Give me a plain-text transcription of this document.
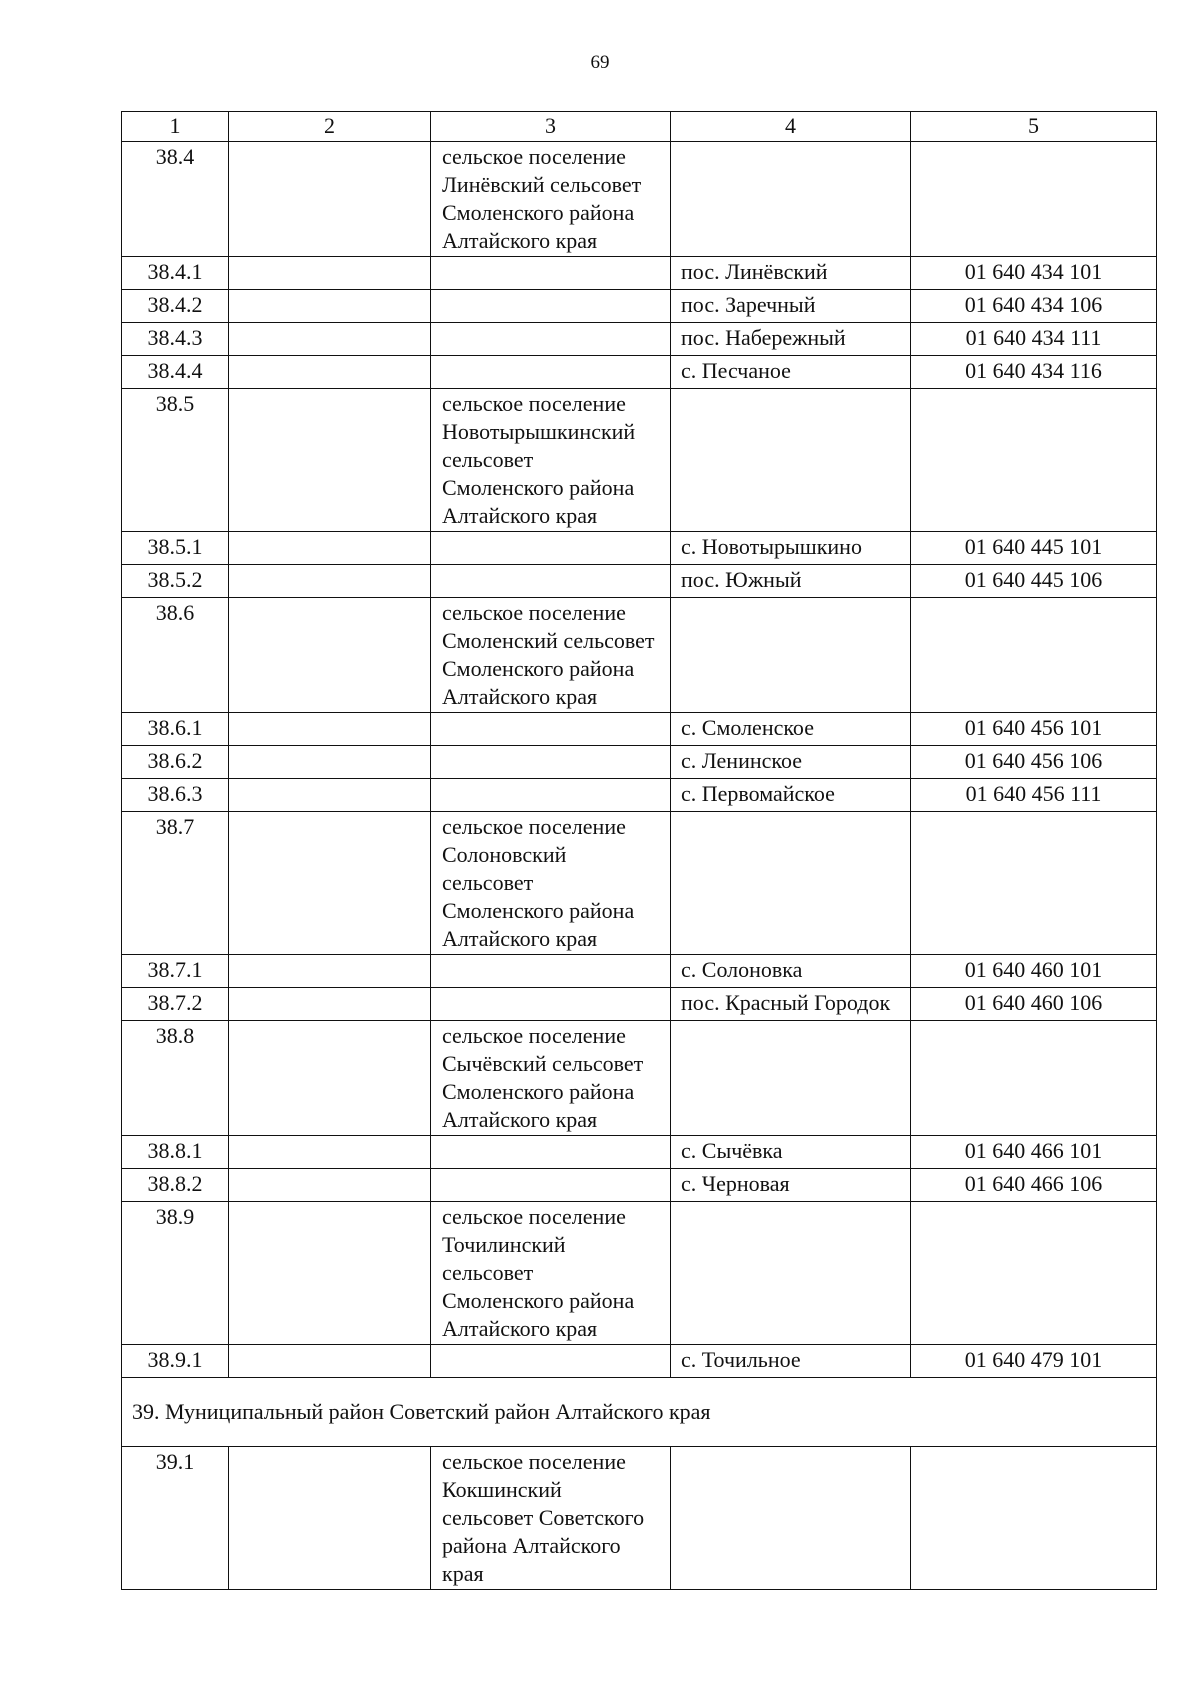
69
1	2	3	4	5
38.4		сельское поселение
Линёвский сельсовет
Смоленского района
Алтайского края		

38.4.1			пос. Линёвский	01 640 434 101
38.4.2			пос. Заречный	01 640 434 106
38.4.3			пос. Набережный	01 640 434 111
38.4.4			с. Песчаное	01 640 434 116
38.5		сельское поселение
Новотырышкинский
сельсовет
Смоленского района
Алтайского края		

38.5.1			с. Новотырышкино	01 640 445 101
38.5.2			пос. Южный	01 640 445 106
38.6		сельское поселение
Смоленский сельсовет
Смоленского района
Алтайского края		

38.6.1			с. Смоленское	01 640 456 101
38.6.2			с. Ленинское	01 640 456 106
38.6.3			с. Первомайское	01 640 456 111
38.7		сельское поселение
Солоновский
сельсовет
Смоленского района
Алтайского края		

38.7.1			с. Солоновка	01 640 460 101
38.7.2			пос. Красный Городок	01 640 460 106
38.8		сельское поселение
Сычёвский сельсовет
Смоленского района
Алтайского края		

38.8.1			с. Сычёвка	01 640 466 101
38.8.2			с. Черновая	01 640 466 106
38.9		сельское поселение
Точилинский
сельсовет
Смоленского района
Алтайского края		

38.9.1			с. Точильное	01 640 479 101
39. Муниципальный район Советский район Алтайского края				
39.1		сельское поселение
Кокшинский
сельсовет Советского
района Алтайского
края		
